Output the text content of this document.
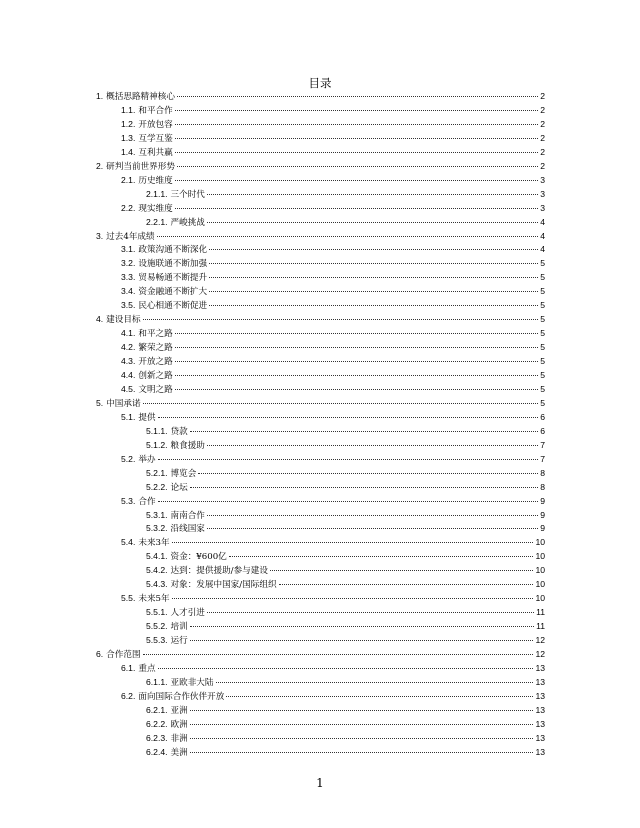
目录
1. 概括思路精神核心	2
1.1. 和平合作	2
1.2. 开放包容	2
1.3. 互学互鉴	2
1.4. 互利共赢	2
2. 研判当前世界形势	2
2.1. 历史维度	3
2.1.1. 三个时代	3
2.2. 现实维度	3
2.2.1. 严峻挑战	4
3. 过去4年成绩	4
3.1. 政策沟通不断深化	4
3.2. 设施联通不断加强	5
3.3. 贸易畅通不断提升	5
3.4. 资金融通不断扩大	5
3.5. 民心相通不断促进	5
4. 建设目标	5
4.1. 和平之路	5
4.2. 繁荣之路	5
4.3. 开放之路	5
4.4. 创新之路	5
4.5. 文明之路	5
5. 中国承诺	5
5.1. 提供	6
5.1.1. 贷款	6
5.1.2. 粮食援助	7
5.2. 举办	7
5.2.1. 博览会	8
5.2.2. 论坛	8
5.3. 合作	9
5.3.1. 南南合作	9
5.3.2. 沿线国家	9
5.4. 未来3年	10
5.4.1. 资金：¥600亿	10
5.4.2. 达到：提供援助/参与建设	10
5.4.3. 对象：发展中国家/国际组织	10
5.5. 未来5年	10
5.5.1. 人才引进	11
5.5.2. 培训	11
5.5.3. 运行	12
6. 合作范围	12
6.1. 重点	13
6.1.1. 亚欧非大陆	13
6.2. 面向国际合作伙伴开放	13
6.2.1. 亚洲	13
6.2.2. 欧洲	13
6.2.3. 非洲	13
6.2.4. 美洲	13
1
